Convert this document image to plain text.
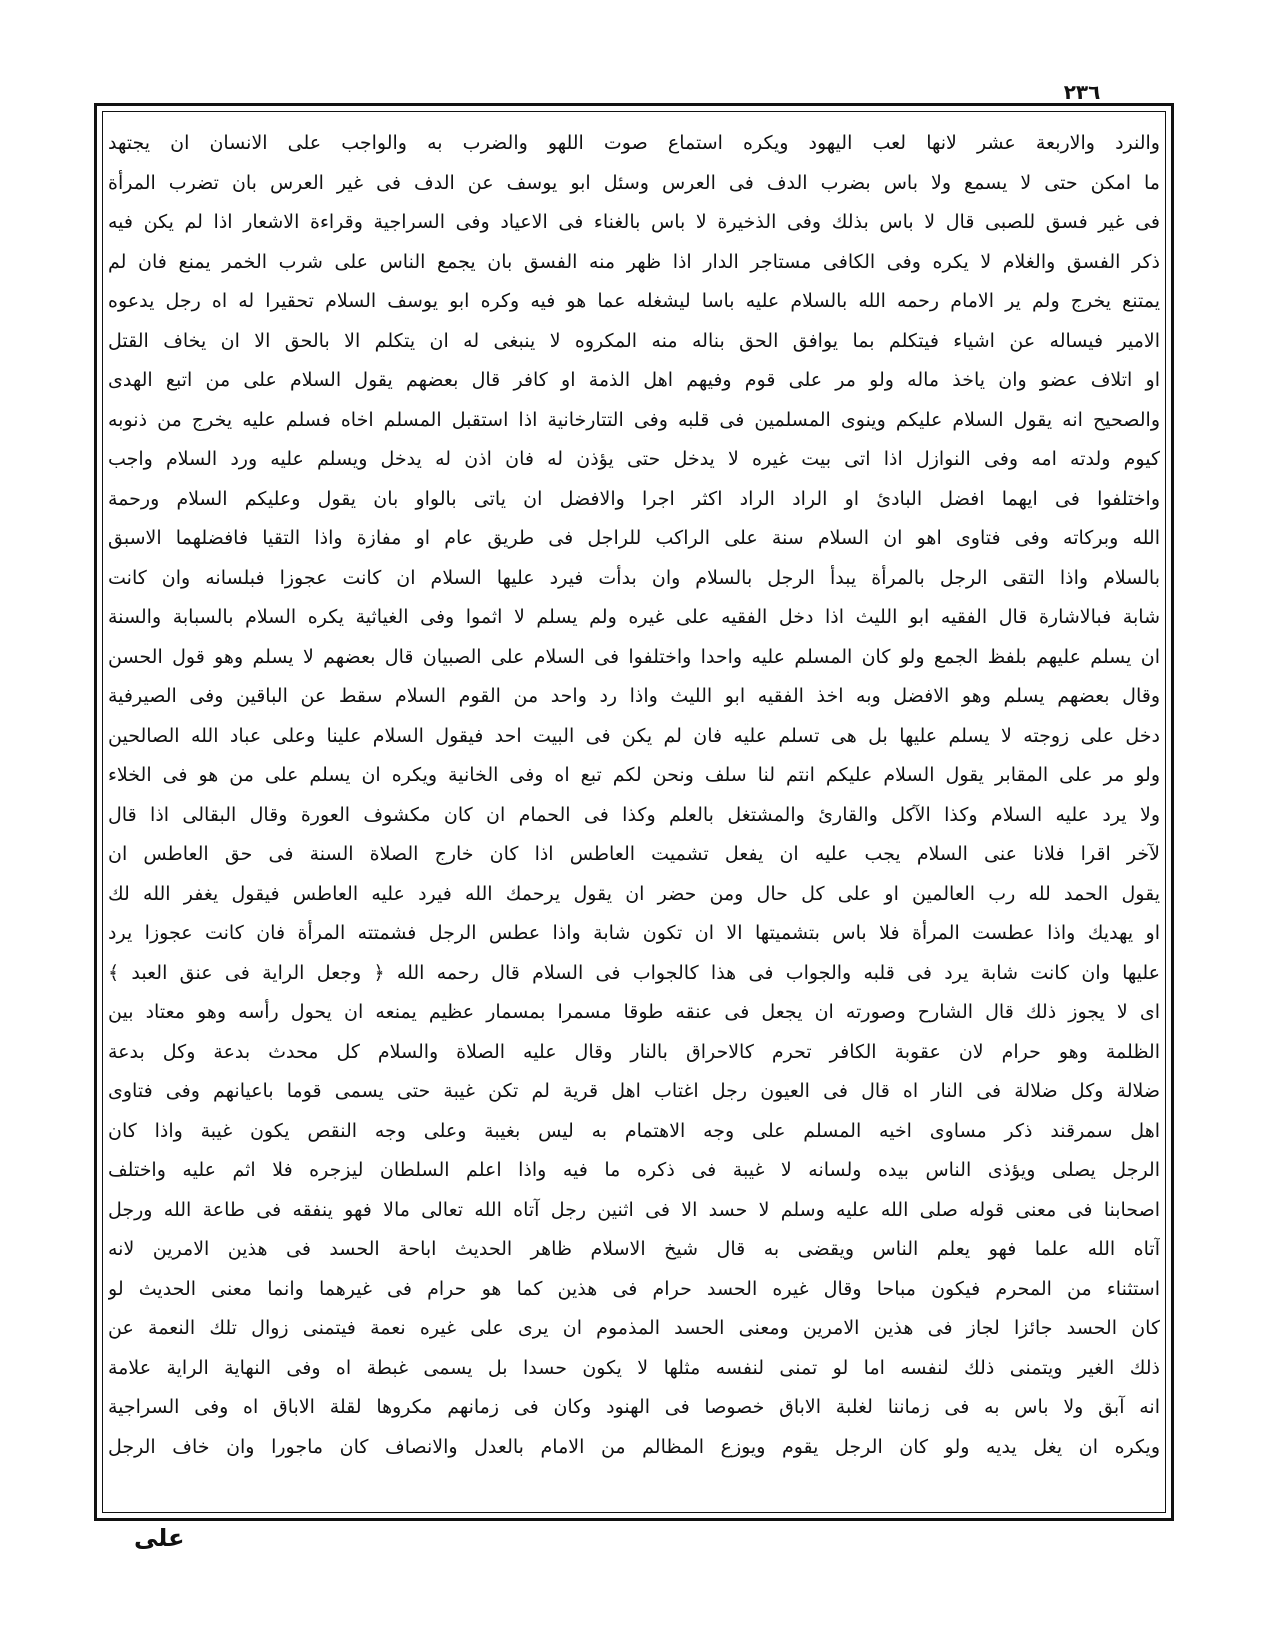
٢٣٦
والنرد والاربعة عشر لانها لعب اليهود ويكره استماع صوت اللهو والضرب به والواجب على الانسان ان يجتهد
ما امكن حتى لا يسمع ولا باس بضرب الدف فى العرس وسئل ابو يوسف عن الدف فى غير العرس بان تضرب المرأة
فى غير فسق للصبى قال لا باس بذلك وفى الذخيرة لا باس بالغناء فى الاعياد وفى السراجية وقراءة الاشعار اذا لم يكن فيه
ذكر الفسق والغلام لا يكره وفى الكافى مستاجر الدار اذا ظهر منه الفسق بان يجمع الناس على شرب الخمر يمنع فان لم
يمتنع يخرج ولم ير الامام رحمه الله بالسلام عليه باسا ليشغله عما هو فيه وكره ابو يوسف السلام تحقيرا له اه رجل يدعوه
الامير فيساله عن اشياء فيتكلم بما يوافق الحق بناله منه المكروه لا ينبغى له ان يتكلم الا بالحق الا ان يخاف القتل
او اتلاف عضو وان ياخذ ماله ولو مر على قوم وفيهم اهل الذمة او كافر قال بعضهم يقول السلام على من اتبع الهدى
والصحيح انه يقول السلام عليكم وينوى المسلمين فى قلبه وفى التتارخانية اذا استقبل المسلم اخاه فسلم عليه يخرج من ذنوبه
كيوم ولدته امه وفى النوازل اذا اتى بيت غيره لا يدخل حتى يؤذن له فان اذن له يدخل ويسلم عليه ورد السلام واجب
واختلفوا فى ايهما افضل البادئ او الراد الراد اكثر اجرا والافضل ان ياتى بالواو بان يقول وعليكم السلام ورحمة
الله وبركاته وفى فتاوى اهو ان السلام سنة على الراكب للراجل فى طريق عام او مفازة واذا التقيا فافضلهما الاسبق
بالسلام واذا التقى الرجل بالمرأة يبدأ الرجل بالسلام وان بدأت فيرد عليها السلام ان كانت عجوزا فبلسانه وان كانت
شابة فبالاشارة قال الفقيه ابو الليث اذا دخل الفقيه على غيره ولم يسلم لا اثموا وفى الغياثية يكره السلام بالسبابة والسنة
ان يسلم عليهم بلفظ الجمع ولو كان المسلم عليه واحدا واختلفوا فى السلام على الصبيان قال بعضهم لا يسلم وهو قول الحسن
وقال بعضهم يسلم وهو الافضل وبه اخذ الفقيه ابو الليث واذا رد واحد من القوم السلام سقط عن الباقين وفى الصيرفية
دخل على زوجته لا يسلم عليها بل هى تسلم عليه فان لم يكن فى البيت احد فيقول السلام علينا وعلى عباد الله الصالحين
ولو مر على المقابر يقول السلام عليكم انتم لنا سلف ونحن لكم تبع اه وفى الخانية ويكره ان يسلم على من هو فى الخلاء
ولا يرد عليه السلام وكذا الآكل والقارئ والمشتغل بالعلم وكذا فى الحمام ان كان مكشوف العورة وقال البقالى اذا قال
لآخر اقرا فلانا عنى السلام يجب عليه ان يفعل تشميت العاطس اذا كان خارج الصلاة السنة فى حق العاطس ان
يقول الحمد لله رب العالمين او على كل حال ومن حضر ان يقول يرحمك الله فيرد عليه العاطس فيقول يغفر الله لك
او يهديك واذا عطست المرأة فلا باس بتشميتها الا ان تكون شابة واذا عطس الرجل فشمتته المرأة فان كانت عجوزا يرد
عليها وان كانت شابة يرد فى قلبه والجواب فى هذا كالجواب فى السلام قال رحمه الله ﴿ وجعل الراية فى عنق العبد ﴾
اى لا يجوز ذلك قال الشارح وصورته ان يجعل فى عنقه طوقا مسمرا بمسمار عظيم يمنعه ان يحول رأسه وهو معتاد بين
الظلمة وهو حرام لان عقوبة الكافر تحرم كالاحراق بالنار وقال عليه الصلاة والسلام كل محدث بدعة وكل بدعة
ضلالة وكل ضلالة فى النار اه قال فى العيون رجل اغتاب اهل قرية لم تكن غيبة حتى يسمى قوما باعيانهم وفى فتاوى
اهل سمرقند ذكر مساوى اخيه المسلم على وجه الاهتمام به ليس بغيبة وعلى وجه النقص يكون غيبة واذا كان
الرجل يصلى ويؤذى الناس بيده ولسانه لا غيبة فى ذكره ما فيه واذا اعلم السلطان ليزجره فلا اثم عليه واختلف
اصحابنا فى معنى قوله صلى الله عليه وسلم لا حسد الا فى اثنين رجل آتاه الله تعالى مالا فهو ينفقه فى طاعة الله ورجل
آتاه الله علما فهو يعلم الناس ويقضى به قال شيخ الاسلام ظاهر الحديث اباحة الحسد فى هذين الامرين لانه
استثناء من المحرم فيكون مباحا وقال غيره الحسد حرام فى هذين كما هو حرام فى غيرهما وانما معنى الحديث لو
كان الحسد جائزا لجاز فى هذين الامرين ومعنى الحسد المذموم ان يرى على غيره نعمة فيتمنى زوال تلك النعمة عن
ذلك الغير ويتمنى ذلك لنفسه اما لو تمنى لنفسه مثلها لا يكون حسدا بل يسمى غبطة اه وفى النهاية الراية علامة
انه آبق ولا باس به فى زماننا لغلبة الاباق خصوصا فى الهنود وكان فى زمانهم مكروها لقلة الاباق اه وفى السراجية
ويكره ان يغل يديه ولو كان الرجل يقوم ويوزع المظالم من الامام بالعدل والانصاف كان ماجورا وان خاف الرجل
على
